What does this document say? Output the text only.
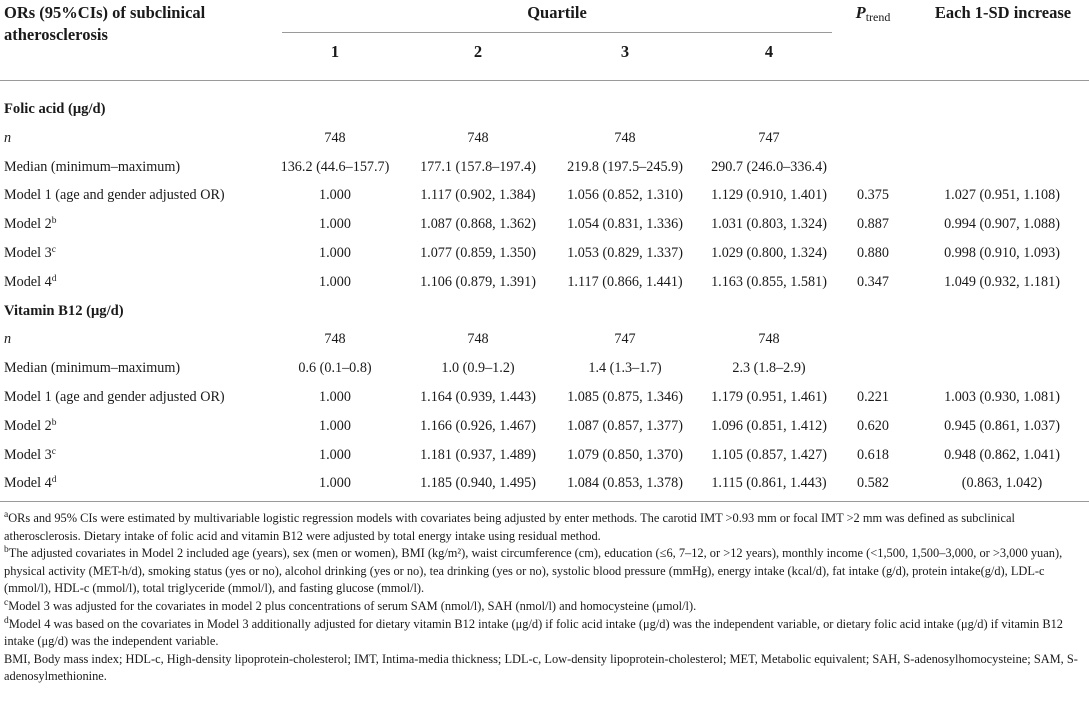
ORs (95%CIs) of subclinical
atherosclerosis
Quartile
1	2	3	4
Ptrend	Each 1-SD increase
Folic acid (μg/d)
n	748	748	748	747
Median (minimum–maximum)	136.2 (44.6–157.7)	177.1 (157.8–197.4)	219.8 (197.5–245.9)	290.7 (246.0–336.4)
Model 1 (age and gender adjusted OR)	1.000	1.117 (0.902, 1.384)	1.056 (0.852, 1.310)	1.129 (0.910, 1.401)	0.375	1.027 (0.951, 1.108)
Model 2$^b$	1.000	1.087 (0.868, 1.362)	1.054 (0.831, 1.336)	1.031 (0.803, 1.324)	0.887	0.994 (0.907, 1.088)
Model 3$^c$	1.000	1.077 (0.859, 1.350)	1.053 (0.829, 1.337)	1.029 (0.800, 1.324)	0.880	0.998 (0.910, 1.093)
Model 4$^d$	1.000	1.106 (0.879, 1.391)	1.117 (0.866, 1.441)	1.163 (0.855, 1.581)	0.347	1.049 (0.932, 1.181)
Vitamin B12 (μg/d)
n	748	748	747	748
Median (minimum–maximum)	0.6 (0.1–0.8)	1.0 (0.9–1.2)	1.4 (1.3–1.7)	2.3 (1.8–2.9)
Model 1 (age and gender adjusted OR)	1.000	1.164 (0.939, 1.443)	1.085 (0.875, 1.346)	1.179 (0.951, 1.461)	0.221	1.003 (0.930, 1.081)
Model 2$^b$	1.000	1.166 (0.926, 1.467)	1.087 (0.857, 1.377)	1.096 (0.851, 1.412)	0.620	0.945 (0.861, 1.037)
Model 3$^c$	1.000	1.181 (0.937, 1.489)	1.079 (0.850, 1.370)	1.105 (0.857, 1.427)	0.618	0.948 (0.862, 1.041)
Model 4$^d$	1.000	1.185 (0.940, 1.495)	1.084 (0.853, 1.378)	1.115 (0.861, 1.443)	0.582	(0.863, 1.042)

$^a$ORs and 95% CIs were estimated by multivariable logistic regression models with covariates being adjusted by enter methods. The carotid IMT >0.93 mm or focal IMT >2 mm was defined as subclinical atherosclerosis. Dietary intake of folic acid and vitamin B12 were adjusted by total energy intake using residual method.

$^b$The adjusted covariates in Model 2 included age (years), sex (men or women), BMI (kg/m²), waist circumference (cm), education (≤6, 7–12, or >12 years), monthly income (<1,500, 1,500–3,000, or >3,000 yuan), physical activity (MET-h/d), smoking status (yes or no), alcohol drinking (yes or no), tea drinking (yes or no), systolic blood pressure (mmHg), energy intake (kcal/d), fat intake (g/d), protein intake(g/d), LDL-c (mmol/l), HDL-c (mmol/l), total triglyceride (mmol/l), and fasting glucose (mmol/l).

$^c$Model 3 was adjusted for the covariates in model 2 plus concentrations of serum SAM (nmol/l), SAH (nmol/l) and homocysteine (μmol/l).

$^d$Model 4 was based on the covariates in Model 3 additionally adjusted for dietary vitamin B12 intake (μg/d) if folic acid intake (μg/d) was the independent variable, or dietary folic acid intake (μg/d) if vitamin B12 intake (μg/d) was the independent variable.

BMI, Body mass index; HDL-c, High-density lipoprotein-cholesterol; IMT, Intima-media thickness; LDL-c, Low-density lipoprotein-cholesterol; MET, Metabolic equivalent; SAH, S-adenosylhomocysteine; SAM, S-adenosylmethionine.
